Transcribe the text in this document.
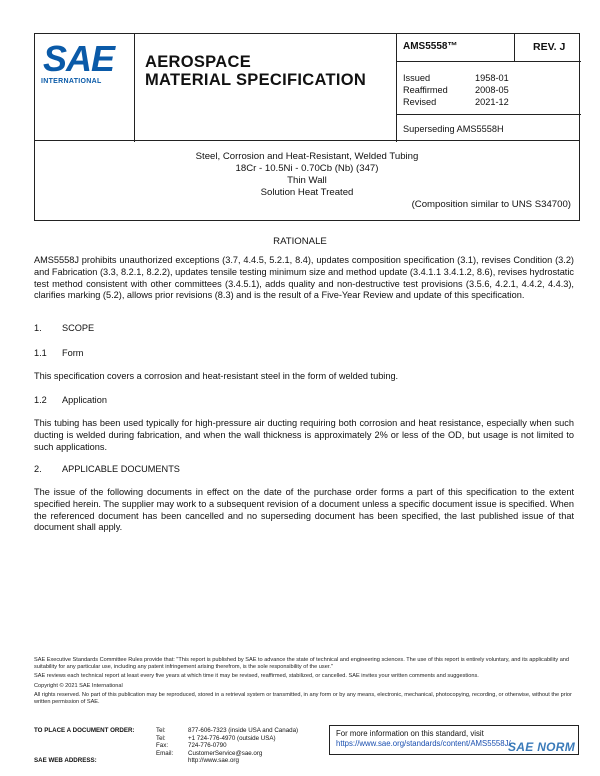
SAE
INTERNATIONAL
AEROSPACE
MATERIAL SPECIFICATION
AMS5558™	REV. J
Issued	1958-01
Reaffirmed	2008-05
Revised	2021-12
Superseding AMS5558H
Steel, Corrosion and Heat-Resistant, Welded Tubing
18Cr - 10.5Ni - 0.70Cb (Nb) (347)
Thin Wall
Solution Heat Treated
(Composition similar to UNS S34700)
RATIONALE
AMS5558J prohibits unauthorized exceptions (3.7, 4.4.5, 5.2.1, 8.4), updates composition specification (3.1), revises Condition (3.2) and Fabrication (3.3, 8.2.1, 8.2.2), updates tensile testing minimum size and method update (3.4.1.1 3.4.1.2, 8.6), revises hydrostatic test method consistent with other committees (3.4.5.1), adds quality and non-destructive test provisions (3.5.6, 4.2.1, 4.4.2, 4.4.3), clarifies marking (5.2), allows prior revisions (8.3) and is the result of a Five-Year Review and update of this specification.
1. SCOPE
1.1 Form
This specification covers a corrosion and heat-resistant steel in the form of welded tubing.
1.2 Application
This tubing has been used typically for high-pressure air ducting requiring both corrosion and heat resistance, especially when such ducting is welded during fabrication, and when the wall thickness is approximately 2% or less of the OD, but usage is not limited to such applications.
2. APPLICABLE DOCUMENTS
The issue of the following documents in effect on the date of the purchase order forms a part of this specification to the extent specified herein. The supplier may work to a subsequent revision of a document unless a specific document issue is specified. When the referenced document has been cancelled and no superseding document has been specified, the last published issue of that document shall apply.

SAE Executive Standards Committee Rules provide that: "This report is published by SAE to advance the state of technical and engineering sciences. The use of this report is entirely voluntary, and its applicability and suitability for any particular use, including any patent infringement arising therefrom, is the sole responsibility of the user."

SAE reviews each technical report at least every five years at which time it may be revised, reaffirmed, stabilized, or cancelled. SAE invites your written comments and suggestions.

Copyright © 2021 SAE International

All rights reserved. No part of this publication may be reproduced, stored in a retrieval system or transmitted, in any form or by any means, electronic, mechanical, photocopying, recording, or otherwise, without the prior written permission of SAE.

TO PLACE A DOCUMENT ORDER:	Tel:	877-606-7323 (inside USA and Canada)
Tel:	+1 724-776-4970 (outside USA)
Fax:	724-776-0790
Email:	CustomerService@sae.org
SAE WEB ADDRESS:	http://www.sae.org
For more information on this standard, visit
https://www.sae.org/standards/content/AMS5558J/
SAE NORM
